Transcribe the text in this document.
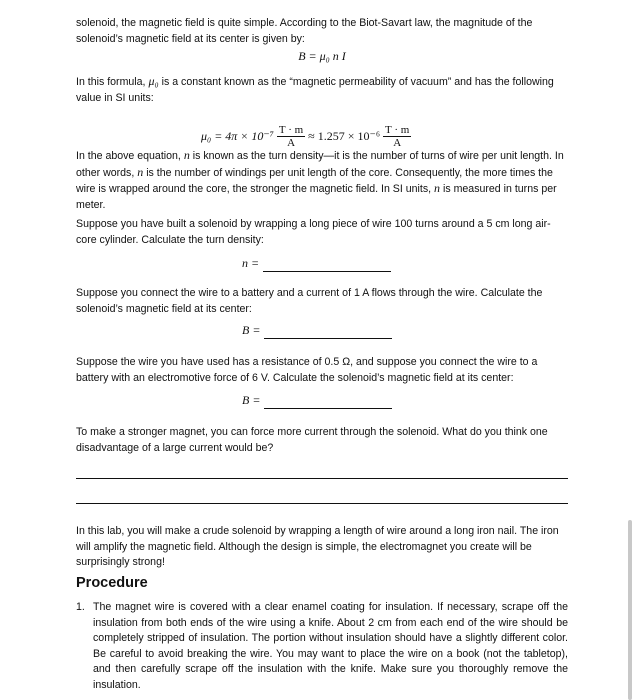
solenoid, the magnetic field is quite simple. According to the Biot-Savart law, the magnitude of the solenoid’s magnetic field at its center is given by:

B = μ₀ n I

In this formula, μ₀ is a constant known as the “magnetic permeability of vacuum” and has the following value in SI units:

$\mu_0 = 4\pi \times 10^{-7} \frac{T \cdot m}{A} \approx 1.257 \times 10^{-6} \frac{T \cdot m}{A}$

In the above equation, n is known as the turn density—it is the number of turns of wire per unit length. In other words, n is the number of windings per unit length of the core. Consequently, the more times the wire is wrapped around the core, the stronger the magnetic field. In SI units, n is measured in turns per meter.

Suppose you have built a solenoid by wrapping a long piece of wire 100 turns around a 5 cm long air-core cylinder. Calculate the turn density:

n =

Suppose you connect the wire to a battery and a current of 1 A flows through the wire. Calculate the solenoid’s magnetic field at its center:

B =

Suppose the wire you have used has a resistance of 0.5 Ω, and suppose you connect the wire to a battery with an electromotive force of 6 V. Calculate the solenoid’s magnetic field at its center:

B =

To make a stronger magnet, you can force more current through the solenoid. What do you think one disadvantage of a large current would be?

In this lab, you will make a crude solenoid by wrapping a length of wire around a long iron nail. The iron will amplify the magnetic field. Although the design is simple, the electromagnet you create will be surprisingly strong!

Procedure
1. The magnet wire is covered with a clear enamel coating for insulation. If necessary, scrape off the insulation from both ends of the wire using a knife. About 2 cm from each end of the wire should be completely stripped of insulation. The portion without insulation should have a slightly different color. Be careful to avoid breaking the wire. You may want to place the wire on a book (not the tabletop), and then carefully scrape off the insulation with the knife. Make sure you thoroughly remove the insulation.
